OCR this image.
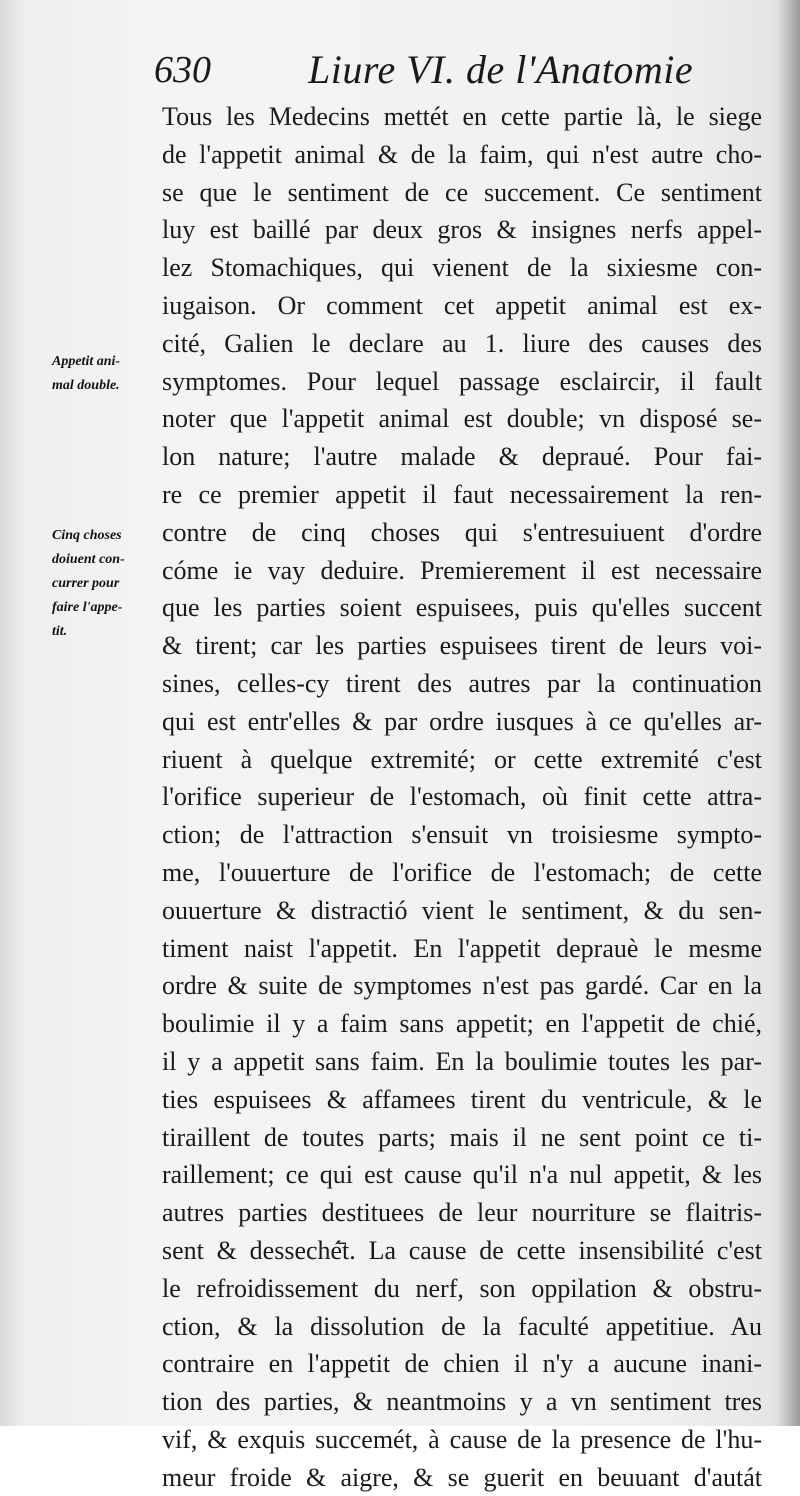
630 Liure VI. de l'Anatomie
Appetit ani-
mal double.
Cinq choses
doiuent con-
currer pour
faire l'appe-
tit.
Tous les Medecins mettét en cette partie là, le siege
de l'appetit animal & de la faim, qui n'est autre cho-
se que le sentiment de ce succement. Ce sentiment
luy est baillé par deux gros & insignes nerfs appel-
lez Stomachiques, qui vienent de la sixiesme con-
iugaison. Or comment cet appetit animal est ex-
cité, Galien le declare au 1. liure des causes des
symptomes. Pour lequel passage esclaircir, il fault
noter que l'appetit animal est double; vn disposé se-
lon nature; l'autre malade & depraué. Pour fai-
re ce premier appetit il faut necessairement la ren-
contre de cinq choses qui s'entresuiuent d'ordre
cóme ie vay deduire. Premierement il est necessaire
que les parties soient espuisees, puis qu'elles succent
& tirent; car les parties espuisees tirent de leurs voi-
sines, celles-cy tirent des autres par la continuation
qui est entr'elles & par ordre iusques à ce qu'elles ar-
riuent à quelque extremité; or cette extremité c'est
l'orifice superieur de l'estomach, où finit cette attra-
ction; de l'attraction s'ensuit vn troisiesme sympto-
me, l'ouuerture de l'orifice de l'estomach; de cette
ouuerture & distractió vient le sentiment, & du sen-
timent naist l'appetit. En l'appetit deprauè le mesme
ordre & suite de symptomes n'est pas gardé. Car en la
boulimie il y a faim sans appetit; en l'appetit de chié,
il y a appetit sans faim. En la boulimie toutes les par-
ties espuisees & affamees tirent du ventricule, & le
tiraillent de toutes parts; mais il ne sent point ce ti-
raillement; ce qui est cause qu'il n'a nul appetit, & les
autres parties destituees de leur nourriture se flaitris-
sent & desseché̄t. La cause de cette insensibilité c'est
le refroidissement du nerf, son oppilation & obstru-
ction, & la dissolution de la faculté appetitiue. Au
contraire en l'appetit de chien il n'y a aucune inani-
tion des parties, & neantmoins y a vn sentiment tres
vif, & exquis succemét, à cause de la presence de l'hu-
meur froide & aigre, & se guerit en beuuant d'autát
